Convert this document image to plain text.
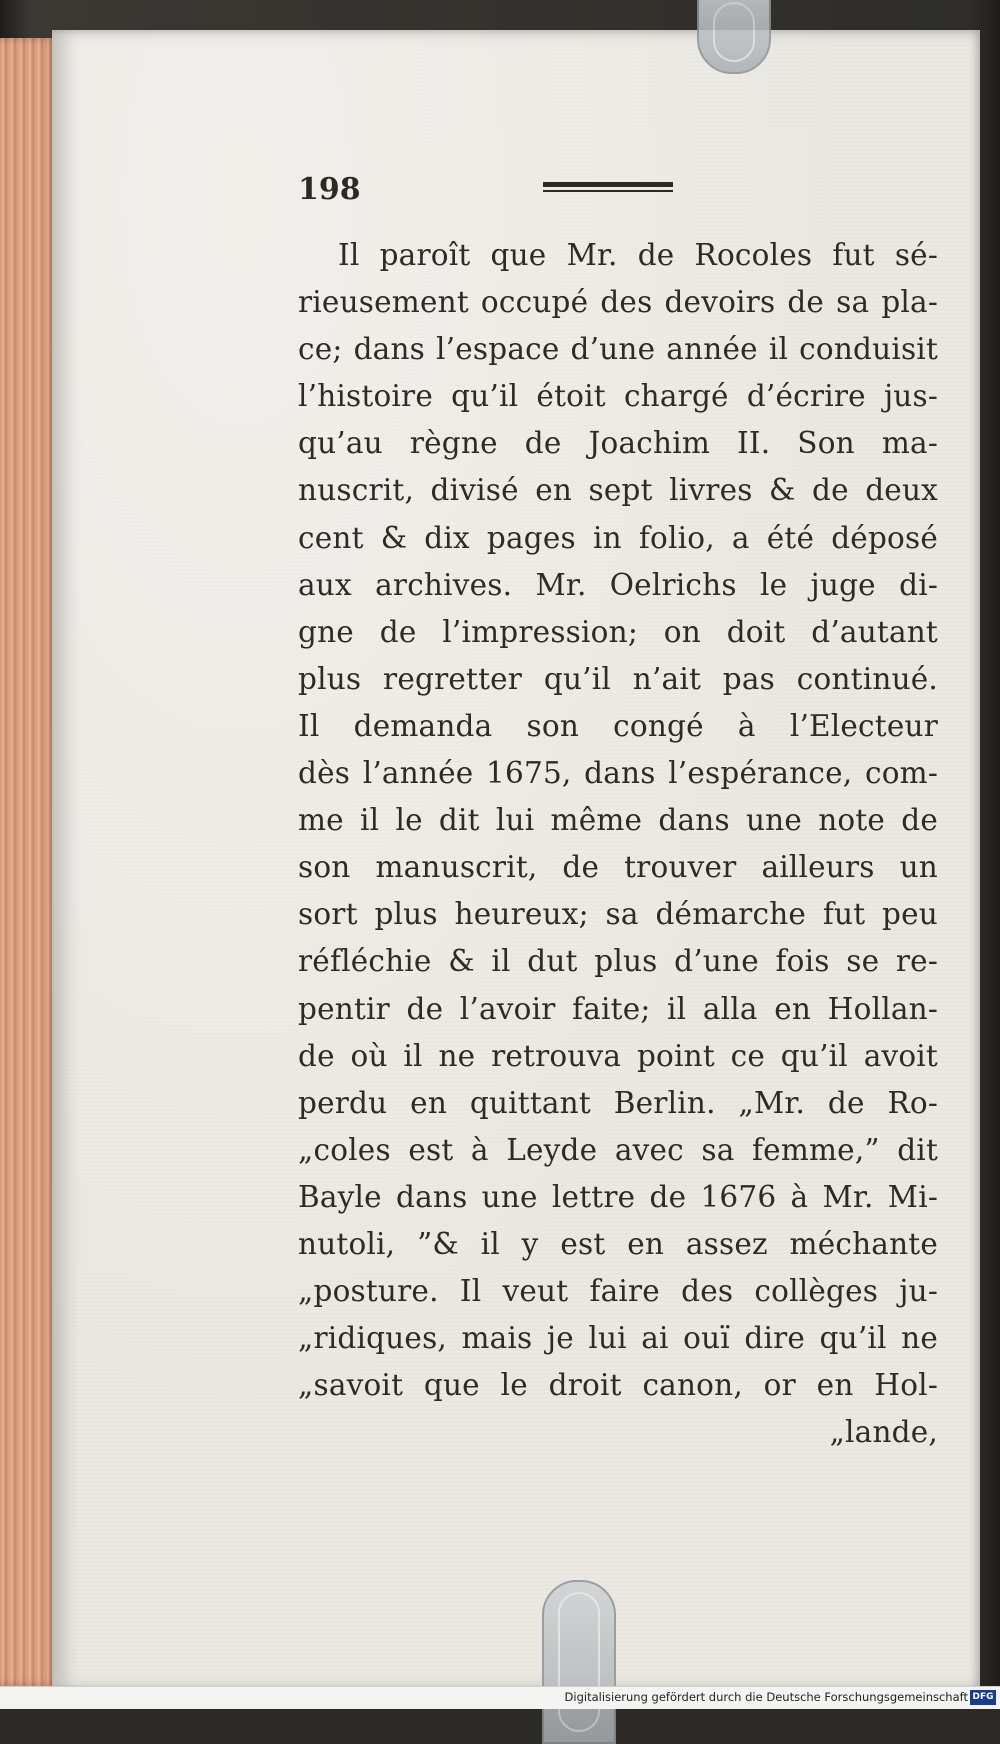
198
Il paroît que Mr. de Rocoles fut sé-
rieusement occupé des devoirs de sa pla-
ce; dans l’espace d’une année il conduisit
l’histoire qu’il étoit chargé d’écrire jus-
qu’au règne de Joachim II. Son ma-
nuscrit, divisé en sept livres & de deux
cent & dix pages in folio, a été déposé
aux archives. Mr. Oelrichs le juge di-
gne de l’impression; on doit d’autant
plus regretter qu’il n’ait pas continué.
Il demanda son congé à l’Electeur
dès l’année 1675, dans l’espérance, com-
me il le dit lui même dans une note de
son manuscrit, de trouver ailleurs un
sort plus heureux; sa démarche fut peu
réfléchie & il dut plus d’une fois se re-
pentir de l’avoir faite; il alla en Hollan-
de où il ne retrouva point ce qu’il avoit
perdu en quittant Berlin. „Mr. de Ro-
„coles est à Leyde avec sa femme,” dit
Bayle dans une lettre de 1676 à Mr. Mi-
nutoli, ”& il y est en assez méchante
„posture. Il veut faire des collèges ju-
„ridiques, mais je lui ai ouï dire qu’il ne
„savoit que le droit canon, or en Hol-
„lande,
Digitalisierung gefördert durch die Deutsche Forschungsgemeinschaft DFG
